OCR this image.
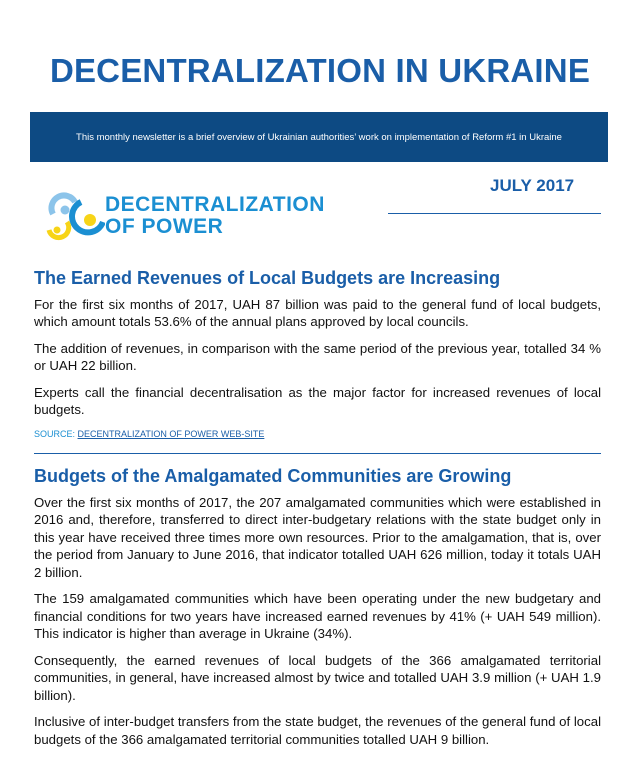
DECENTRALIZATION IN UKRAINE
This monthly newsletter is a brief overview of Ukrainian authorities’ work on implementation of Reform #1 in Ukraine
DECENTRALIZATION
OF POWER
JULY 2017
The Earned Revenues of Local Budgets are Increasing

For the first six months of 2017, UAH 87 billion was paid to the general fund of local budgets, which amount totals 53.6% of the annual plans approved by local councils.

The addition of revenues, in comparison with the same period of the previous year, totalled 34 % or UAH 22 billion.

Experts call the financial decentralisation as the major factor for increased revenues of local budgets.

SOURCE: DECENTRALIZATION OF POWER WEB-SITE
Budgets of the Amalgamated Communities are Growing

Over the first six months of 2017, the 207 amalgamated communities which were established in 2016 and, therefore, transferred to direct inter-budgetary relations with the state budget only in this year have received three times more own resources. Prior to the amalgamation, that is, over the period from January to June 2016, that indicator totalled UAH 626 million, today it totals UAH 2 billion.

The 159 amalgamated communities which have been operating under the new budgetary and financial conditions for two years have increased earned revenues by 41% (+ UAH 549 million). This indicator is higher than average in Ukraine (34%).

Consequently, the earned revenues of local budgets of the 366 amalgamated territorial communities, in general, have increased almost by twice and totalled UAH 3.9 million (+ UAH 1.9 billion).

Inclusive of inter-budget transfers from the state budget, the revenues of the general fund of local budgets of the 366 amalgamated territorial communities totalled UAH 9 billion.
